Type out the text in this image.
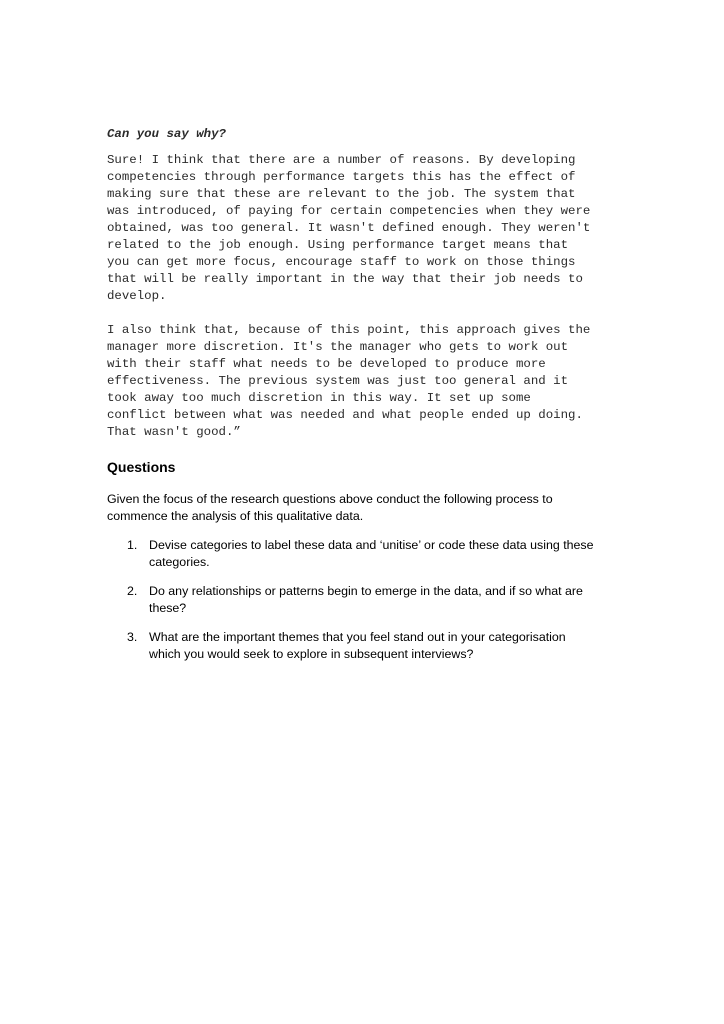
Can you say why?

Sure! I think that there are a number of reasons. By developing
competencies through performance targets this has the effect of
making sure that these are relevant to the job. The system that
was introduced, of paying for certain competencies when they were
obtained, was too general. It wasn't defined enough. They weren't
related to the job enough. Using performance target means that
you can get more focus, encourage staff to work on those things
that will be really important in the way that their job needs to
develop.

I also think that, because of this point, this approach gives the
manager more discretion. It's the manager who gets to work out
with their staff what needs to be developed to produce more
effectiveness. The previous system was just too general and it
took away too much discretion in this way. It set up some
conflict between what was needed and what people ended up doing.
That wasn't good.”

Questions

Given the focus of the research questions above conduct the following process to
commence the analysis of this qualitative data.

1. Devise categories to label these data and ‘unitise’ or code these data using these
categories.
2. Do any relationships or patterns begin to emerge in the data, and if so what are
these?
3. What are the important themes that you feel stand out in your categorisation
which you would seek to explore in subsequent interviews?
